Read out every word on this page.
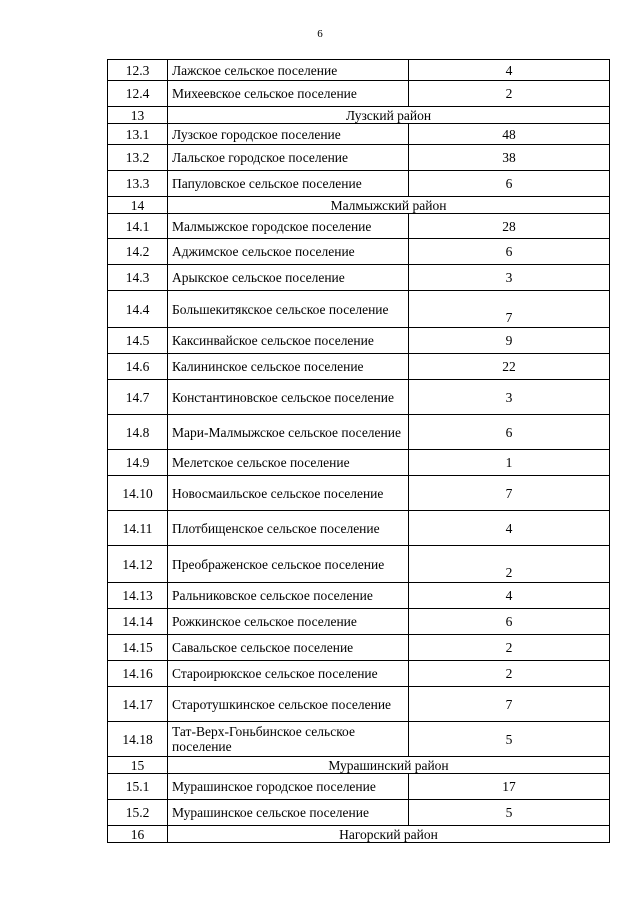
6
12.3	Лажское сельское поселение	4
12.4	Михеевское сельское поселение	2
13	Лузский район	
13.1	Лузское городское поселение	48
13.2	Лальское городское поселение	38
13.3	Папуловское сельское поселение	6
14	Малмыжский район	
14.1	Малмыжское городское поселение	28
14.2	Аджимское сельское поселение	6
14.3	Арыкское сельское поселение	3
14.4	Большекитякское сельское поселение	7
14.5	Каксинвайское сельское поселение	9
14.6	Калининское сельское поселение	22
14.7	Константиновское сельское поселение	3
14.8	Мари-Малмыжское сельское поселение	6
14.9	Мелетское сельское поселение	1
14.10	Новосмаильское сельское поселение	7
14.11	Плотбищенское сельское поселение	4
14.12	Преображенское сельское поселение	2
14.13	Ральниковское сельское поселение	4
14.14	Рожкинское сельское поселение	6
14.15	Савальское сельское поселение	2
14.16	Староирюкское сельское поселение	2
14.17	Старотушкинское сельское поселение	7
14.18	Тат-Верх-Гоньбинское сельское поселение	5
15	Мурашинский район	
15.1	Мурашинское городское поселение	17
15.2	Мурашинское сельское поселение	5
16	Нагорский район	
